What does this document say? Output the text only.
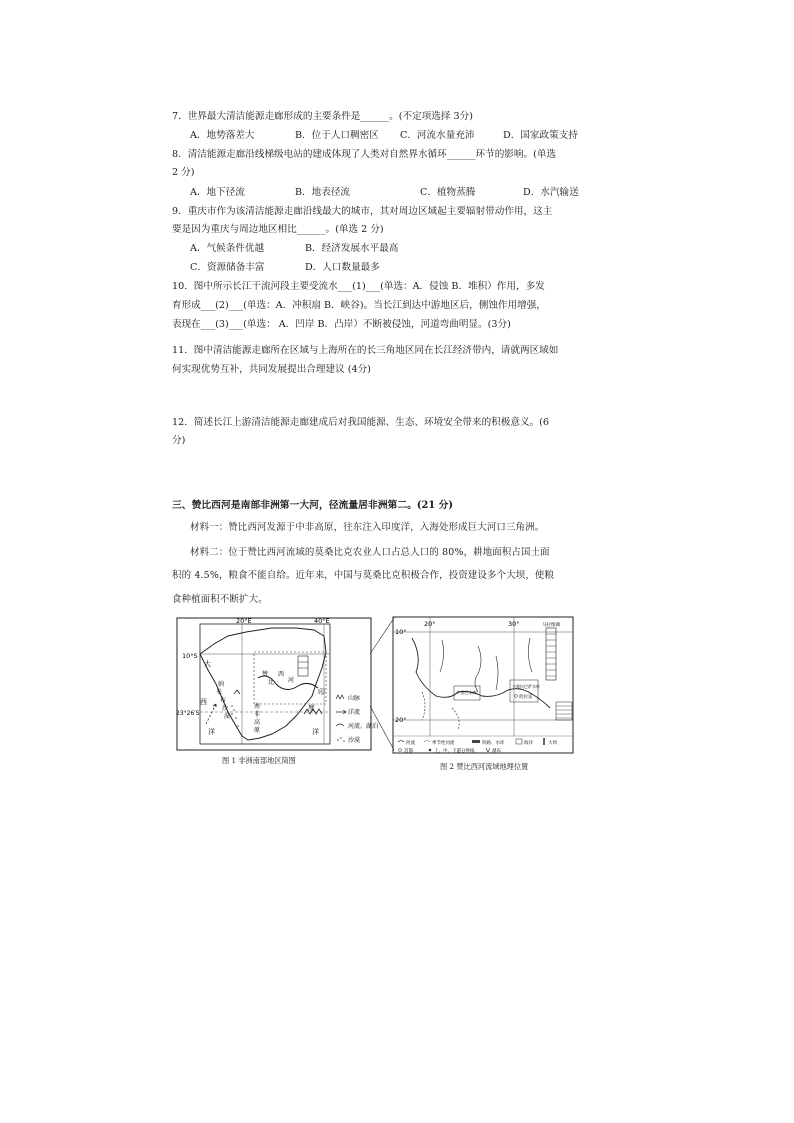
7．世界最大清洁能源走廊形成的主要条件是______。(不定项选择 3分)
A．地势落差大	B．位于人口稠密区 C．河流水量充沛	D．国家政策支持
8．清洁能源走廊沿线梯级电站的建成体现了人类对自然界水循环______环节的影响。(单选
2 分)
A．地下径流	B．地表径流	C．植物蒸腾	D．水汽输送
9．重庆市作为该清洁能源走廊沿线最大的城市，其对周边区域起主要辐射带动作用，这主
要是因为重庆与周边地区相比______。(单选 2 分)
A．气候条件优越	B．经济发展水平最高
C．资源储备丰富	D．人口数量最多
10．图中所示长江干流河段主要受流水___(1)___(单选：A．侵蚀 B．堆积）作用，多发
育形成___(2)___(单选：A．冲积扇 B．峡谷)。当长江到达中游地区后，侧蚀作用增强，
表现在___(3)___(单选： A．凹岸 B．凸岸）不断被侵蚀，河道弯曲明显。(3分)
11．图中清洁能源走廊所在区域与上海所在的长三角地区同在长江经济带内，请就两区域如
何实现优势互补，共同发展提出合理建议 (4分)
12．简述长江上游清洁能源走廊建成后对我国能源、生态、环境安全带来的积极意义。(6
分)
三、赞比西河是南部非洲第一大河，径流量居非洲第二。(21 分)
材料一：赞比西河发源于中非高原，往东注入印度洋，入海处形成巨大河口三角洲。
材料二：位于赞比西河流域的莫桑比克农业人口占总人口的 80%，耕地面积占国土面
积的 4.5%，粮食不能自给。近年来，中国与莫桑比克积极合作，投资建设多个大坝，使粮
食种植面积不断扩大。
20°E	40°E
10°S
23°26′S
大
西
洋
纳
米
布
沙
漠
赞
比
西
河
南
非
高
原
印
度
洋
山脉
洋流
河流、湖泊
沙漠
图 1 非洲南部地区简图
20°	30°
10°
20°
马拉维湖
卡里巴水库
卡奥拉巴萨水库
哈拉雷
河流	季节性河流	铁路、水库	海洋	大坝
首都	上、中、下游分界线	瀑布
图 2 赞比西河流域地理位置
